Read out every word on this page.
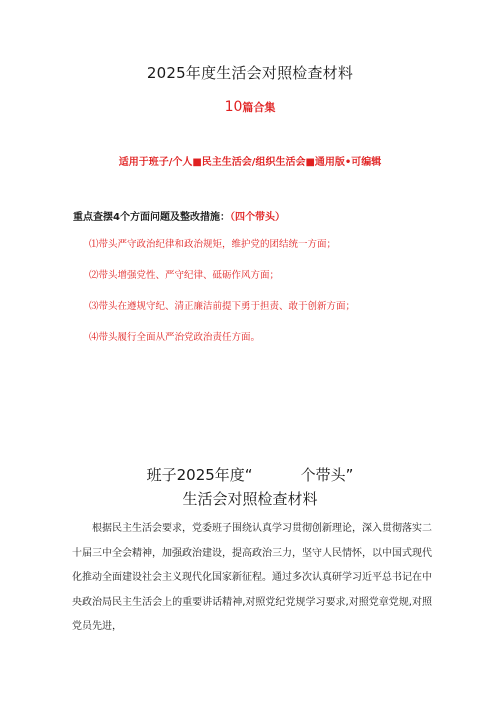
2025年度生活会对照检查材料
10篇合集
适用于班子/个人■民主生活会/组织生活会■通用版•可编辑
重点查摆4个方面问题及整改措施：（四个带头）
⑴带头严守政治纪律和政治规矩，维护党的团结统一方面；
⑵带头增强党性、严守纪律、砥砺作风方面；
⑶带头在遵规守纪、清正廉洁前提下勇于担责、敢于创新方面；
⑷带头履行全面从严治党政治责任方面。
班子2025年度“	个带头”
生活会对照检查材料

根据民主生活会要求，党委班子围绕认真学习贯彻创新理论，深入贯彻落实二十届三中全会精神，加强政治建设，提高政治三力，坚守人民情怀，以中国式现代化推动全面建设社会主义现代化国家新征程。通过多次认真研学习近平总书记在中央政治局民主生活会上的重要讲话精神,对照党纪党规学习要求,对照党章党规,对照党员先进，
